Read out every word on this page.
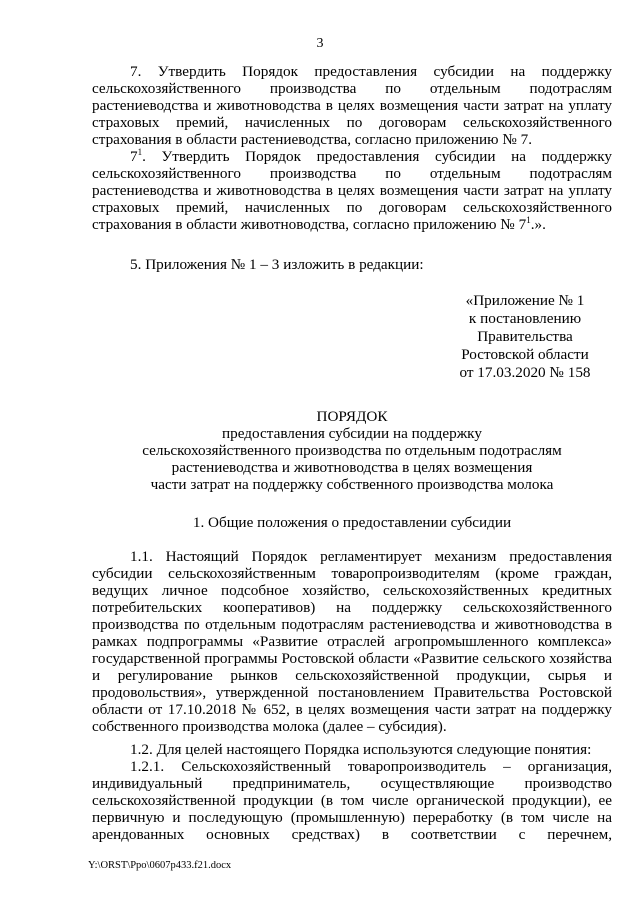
3
7. Утвердить Порядок предоставления субсидии на поддержку сельскохозяйственного производства по отдельным подотраслям растениеводства и животноводства в целях возмещения части затрат на уплату страховых премий, начисленных по договорам сельскохозяйственного страхования в области растениеводства, согласно приложению № 7.
$7^1$. Утвердить Порядок предоставления субсидии на поддержку сельскохозяйственного производства по отдельным подотраслям растениеводства и животноводства в целях возмещения части затрат на уплату страховых премий, начисленных по договорам сельскохозяйственного страхования в области животноводства, согласно приложению № $7^1$.».
5. Приложения № 1 – 3 изложить в редакции:
«Приложение № 1
к постановлению
Правительства
Ростовской области
от 17.03.2020 № 158
ПОРЯДОК
предоставления субсидии на поддержку
сельскохозяйственного производства по отдельным подотраслям
растениеводства и животноводства в целях возмещения
части затрат на поддержку собственного производства молока
1. Общие положения о предоставлении субсидии
1.1. Настоящий Порядок регламентирует механизм предоставления субсидии сельскохозяйственным товаропроизводителям (кроме граждан, ведущих личное подсобное хозяйство, сельскохозяйственных кредитных потребительских кооперативов) на поддержку сельскохозяйственного производства по отдельным подотраслям растениеводства и животноводства в рамках подпрограммы «Развитие отраслей агропромышленного комплекса» государственной программы Ростовской области «Развитие сельского хозяйства и регулирование рынков сельскохозяйственной продукции, сырья и продовольствия», утвержденной постановлением Правительства Ростовской области от 17.10.2018 № 652, в целях возмещения части затрат на поддержку собственного производства молока (далее – субсидия).
1.2. Для целей настоящего Порядка используются следующие понятия:
1.2.1. Сельскохозяйственный товаропроизводитель – организация, индивидуальный предприниматель, осуществляющие производство сельскохозяйственной продукции (в том числе органической продукции), ее первичную и последующую (промышленную) переработку (в том числе на арендованных основных средствах) в соответствии с перечнем,
Y:\ORST\Ppo\0607p433.f21.docx
